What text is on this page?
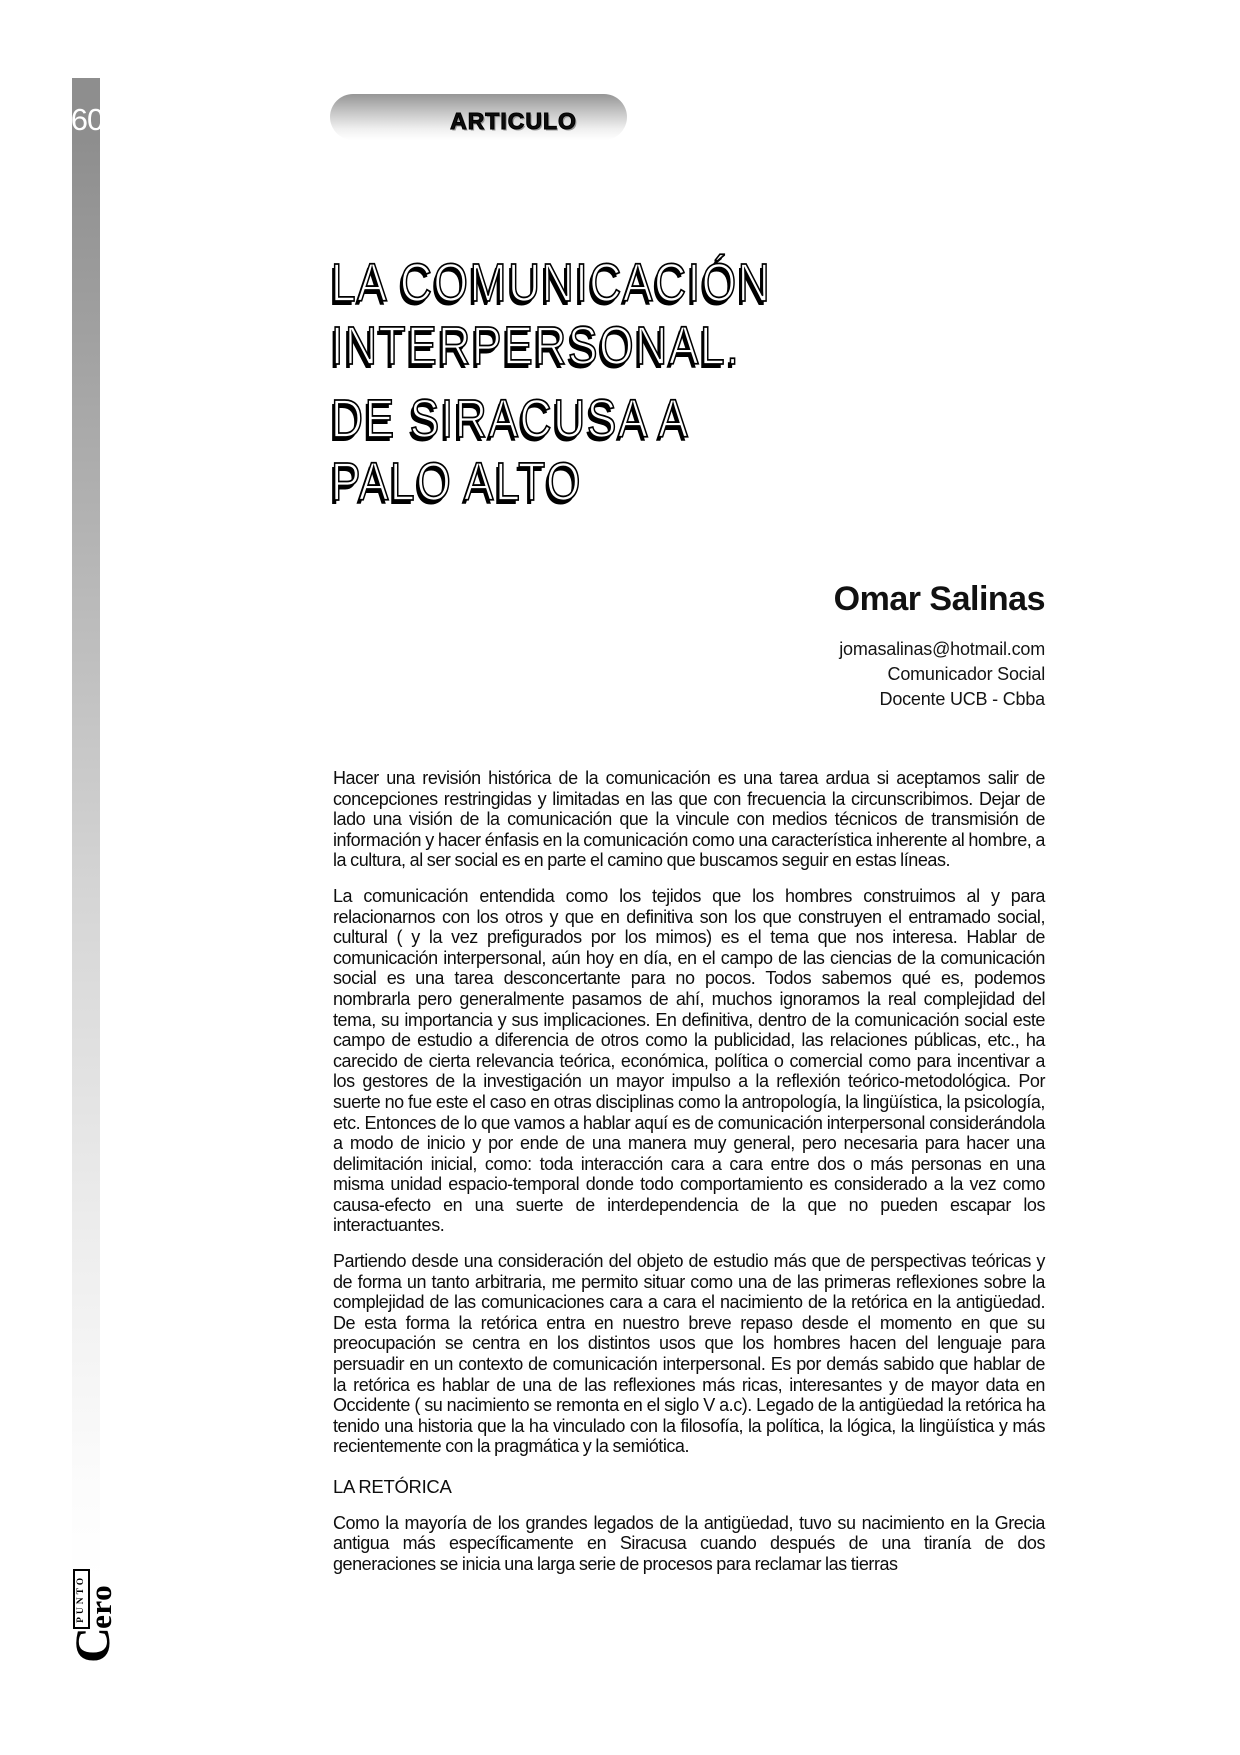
60	ARTICULO
LA COMUNICACIÓN
INTERPERSONAL.
DE SIRACUSA A
PALO ALTO
Omar Salinas
jomasalinas@hotmail.com
Comunicador Social
Docente UCB - Cbba

Hacer una revisión histórica de la comunicación es una tarea ardua si aceptamos salir de concepciones restringidas y limitadas en las que con frecuencia la circunscribimos. Dejar de lado una visión de la comunicación que la vincule con medios técnicos de transmisión de información y hacer énfasis en la comunicación como una característica inherente al hombre, a la cultura, al ser social es en parte el camino que buscamos seguir en estas líneas.

La comunicación entendida como los tejidos que los hombres construimos al y para relacionarnos con los otros y que en definitiva son los que construyen el entramado social, cultural ( y la vez prefigurados por los mimos) es el tema que nos interesa. Hablar de comunicación interpersonal, aún hoy en día, en el campo de las ciencias de la comunicación social es una tarea desconcertante para no pocos. Todos sabemos qué es, podemos nombrarla pero generalmente pasamos de ahí, muchos ignoramos la real complejidad del tema, su importancia y sus implicaciones. En definitiva, dentro de la comunicación social este campo de estudio a diferencia de otros como la publicidad, las relaciones públicas, etc., ha carecido de cierta relevancia teórica, económica, política o comercial como para incentivar a los gestores de la investigación un mayor impulso a la reflexión teórico-metodológica. Por suerte no fue este el caso en otras disciplinas como la antropología, la lingüística, la psicología, etc. Entonces de lo que vamos a hablar aquí es de comunicación interpersonal considerándola a modo de inicio y por ende de una manera muy general, pero necesaria para hacer una delimitación inicial, como: toda interacción cara a cara entre dos o más personas en una misma unidad espacio-temporal donde todo comportamiento es considerado a la vez como causa-efecto en una suerte de interdependencia de la que no pueden escapar los interactuantes.

Partiendo desde una consideración del objeto de estudio más que de perspectivas teóricas y de forma un tanto arbitraria, me permito situar como una de las primeras reflexiones sobre la complejidad de las comunicaciones cara a cara el nacimiento de la retórica en la antigüedad. De esta forma la retórica entra en nuestro breve repaso desde el momento en que su preocupación se centra en los distintos usos que los hombres hacen del lenguaje para persuadir en un contexto de comunicación interpersonal. Es por demás sabido que hablar de la retórica es hablar de una de las reflexiones más ricas, interesantes y de mayor data en Occidente ( su nacimiento se remonta en el siglo V a.c). Legado de la antigüedad la retórica ha tenido una historia que la ha vinculado con la filosofía, la política, la lógica, la lingüística y más recientemente con la pragmática y la semiótica.

LA RETÓRICA

Como la mayoría de los grandes legados de la antigüedad, tuvo su nacimiento en la Grecia antigua más específicamente en Siracusa cuando después de una tiranía de dos generaciones se inicia una larga serie de procesos para reclamar las tierras

C
PUNTO
ero
